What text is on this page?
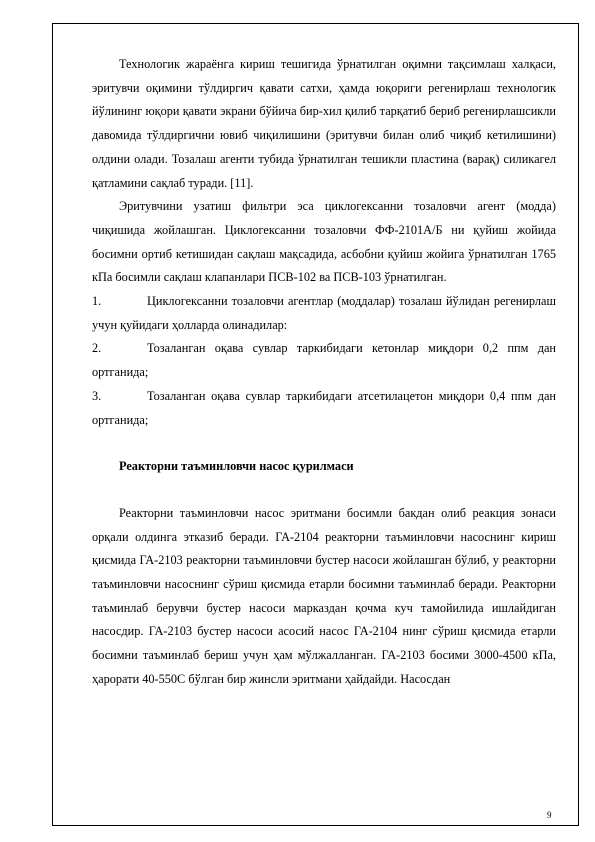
Технологик жараёнга кириш тешигида ўрнатилган оқимни тақсимлаш халқаси, эритувчи оқимини тўлдиргич қавати сатхи, ҳамда юқориги регенирлаш технологик йўлининг юқори қавати экрани бўйича бир-хил қилиб тарқатиб бериб регенирлашсикли давомида тўлдиргични ювиб чиқилишини (эритувчи билан олиб чиқиб кетилишини) олдини олади. Тозалаш агенти тубида ўрнатилган тешикли пластина (варақ) силикагел қатламини сақлаб туради. [11].

Эритувчини узатиш фильтри эса циклогексанни тозаловчи агент (модда) чиқишида жойлашган. Циклогексанни тозаловчи ФФ-2101А/Б ни қуйиш жойида босимни ортиб кетишидан сақлаш мақсадида, асбобни қуйиш жойига ўрнатилган 1765 кПа босимли сақлаш клапанлари ПСВ-102 ва ПСВ-103 ўрнатилган.

1.	Циклогексанни тозаловчи агентлар (моддалар) тозалаш йўлидан регенирлаш учун қуйидаги ҳолларда олинадилар:

2.	Тозаланган оқава сувлар таркибидаги кетонлар миқдори 0,2 ппм дан ортганида;

3.	Тозаланган оқава сувлар таркибидаги атсетилацетон миқдори 0,4 ппм дан ортганида;

Реакторни таъминловчи насос қурилмаси

Реакторни таъминловчи насос эритмани босимли бакдан олиб реакция зонаси орқали олдинга этказиб беради. ГА-2104 реакторни таъминловчи насоснинг кириш қисмида ГА-2103 реакторни таъминловчи бустер насоси жойлашган бўлиб, у реакторни таъминловчи насоснинг сўриш қисмида етарли босимни таъминлаб беради. Реакторни таъминлаб берувчи бустер насоси марказдан қочма куч тамойилида ишлайдиган насосдир. ГА-2103 бустер насоси асосий насос ГА-2104 нинг сўриш қисмида етарли босимни таъминлаб бериш учун ҳам мўлжалланган. ГА-2103 босими 3000-4500 кПа, ҳарорати 40-550С бўлган бир жинсли эритмани ҳайдайди. Насосдан

9
